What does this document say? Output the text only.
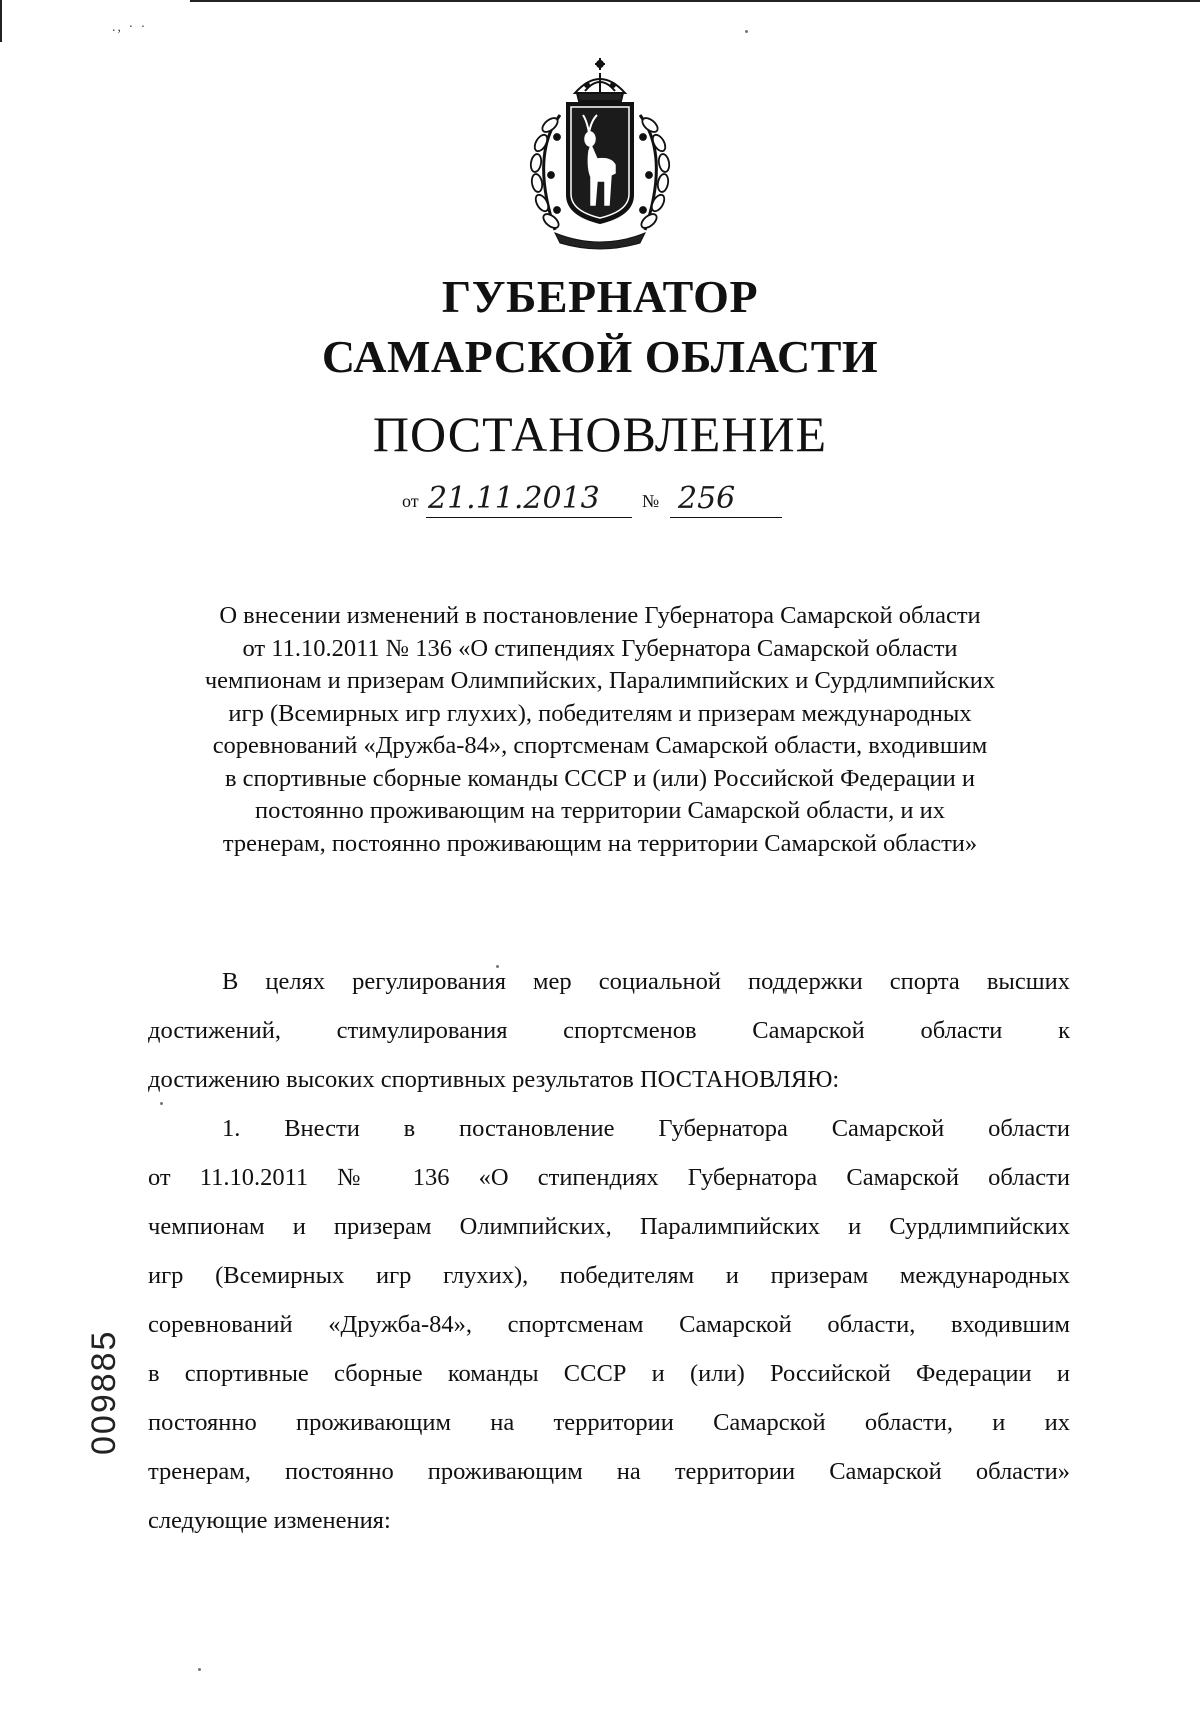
., · ·
ГУБЕРНАТОР
САМАРСКОЙ ОБЛАСТИ
ПОСТАНОВЛЕНИЕ
от 21.11.2013 № 256
О внесении изменений в постановление Губернатора Самарской области
от 11.10.2011 № 136 «О стипендиях Губернатора Самарской области
чемпионам и призерам Олимпийских, Паралимпийских и Сурдлимпийских
игр (Всемирных игр глухих), победителям и призерам международных
соревнований «Дружба-84», спортсменам Самарской области, входившим
в спортивные сборные команды СССР и (или) Российской Федерации и
постоянно проживающим на территории Самарской области, и их
тренерам, постоянно проживающим на территории Самарской области»
В целях регулирования мер социальной поддержки спорта высших
достижений, стимулирования спортсменов Самарской области к
достижению высоких спортивных результатов ПОСТАНОВЛЯЮ:
1. Внести в постановление Губернатора Самарской области
от 11.10.2011 № 136 «О стипендиях Губернатора Самарской области
чемпионам и призерам Олимпийских, Паралимпийских и Сурдлимпийских
игр (Всемирных игр глухих), победителям и призерам международных
соревнований «Дружба-84», спортсменам Самарской области, входившим
в спортивные сборные команды СССР и (или) Российской Федерации и
постоянно проживающим на территории Самарской области, и их
тренерам, постоянно проживающим на территории Самарской области»
следующие изменения:
009885
